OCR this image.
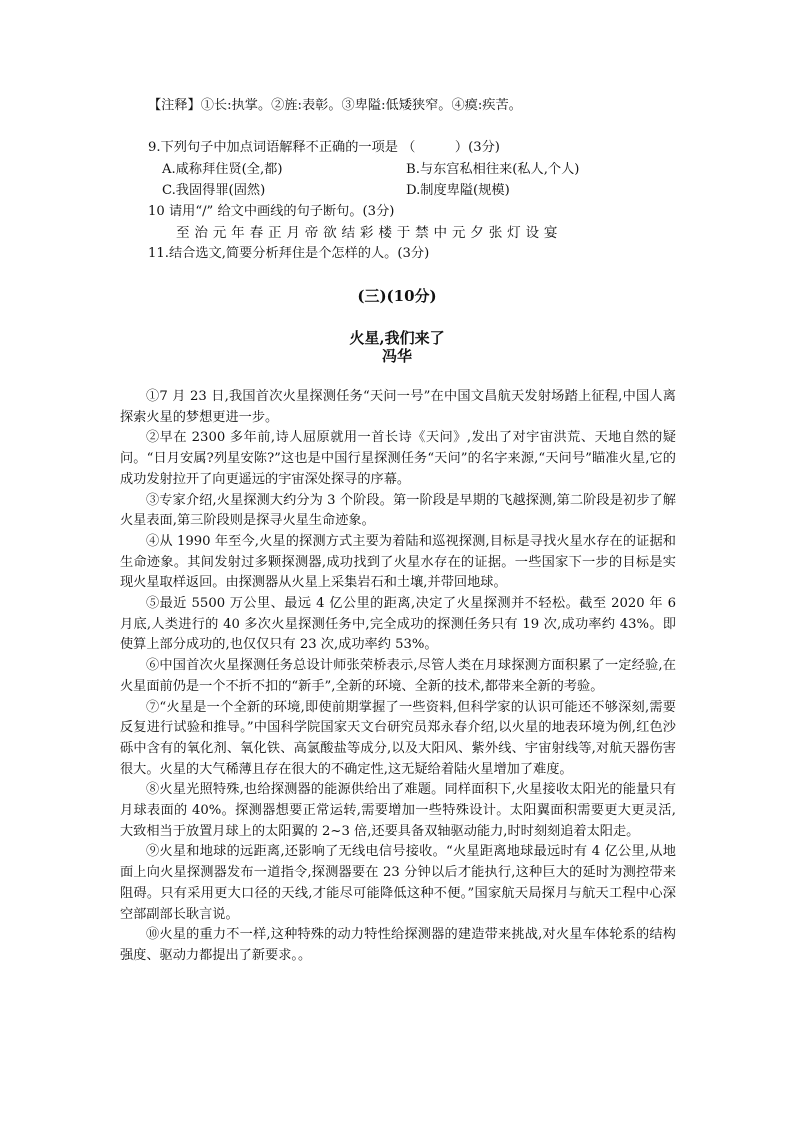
【注释】①长:执掌。②旌:表彰。③卑隘:低矮狭窄。④瘼:疾苦。
9.下列句子中加点词语解释不正确的一项是 （　　　）(3分)
A.咸称拜住贤(全,都)	B.与东宫私相往来(私人,个人)
C.我固得罪(固然)	D.制度卑隘(规模)
10 请用“/” 给文中画线的句子断句。(3分)
至治元年春正月帝欲结彩楼于禁中元夕张灯设宴
11.结合选文,简要分析拜住是个怎样的人。(3分)
(三)(10分)
火星,我们来了
冯华

①7 月 23 日,我国首次火星探测任务“天问一号”在中国文昌航天发射场踏上征程,中国人离探索火星的梦想更进一步。

②早在 2300 多年前,诗人屈原就用一首长诗《天问》,发出了对宇宙洪荒、天地自然的疑问。“日月安属?列星安陈?”这也是中国行星探测任务“天问”的名字来源,“天问号”瞄准火星,它的成功发射拉开了向更遥远的宇宙深处探寻的序幕。

③专家介绍,火星探测大约分为 3 个阶段。第一阶段是早期的飞越探测,第二阶段是初步了解火星表面,第三阶段则是探寻火星生命迹象。

④从 1990 年至今,火星的探测方式主要为着陆和巡视探测,目标是寻找火星水存在的证据和生命迹象。其间发射过多颗探测器,成功找到了火星水存在的证据。一些国家下一步的目标是实现火星取样返回。由探测器从火星上采集岩石和土壤,并带回地球。

⑤最近 5500 万公里、最远 4 亿公里的距离,决定了火星探测并不轻松。截至 2020 年 6 月底,人类进行的 40 多次火星探测任务中,完全成功的探测任务只有 19 次,成功率约 43%。即使算上部分成功的,也仅仅只有 23 次,成功率约 53%。

⑥中国首次火星探测任务总设计师张荣桥表示,尽管人类在月球探测方面积累了一定经验,在火星面前仍是一个不折不扣的“新手”,全新的环境、全新的技术,都带来全新的考验。

⑦“火星是一个全新的环境,即使前期掌握了一些资料,但科学家的认识可能还不够深刻,需要反复进行试验和推导。”中国科学院国家天文台研究员郑永春介绍,以火星的地表环境为例,红色沙砾中含有的氧化剂、氧化铁、高氯酸盐等成分,以及大阳风、紫外线、宇宙射线等,对航天器伤害很大。火星的大气稀薄且存在很大的不确定性,这无疑给着陆火星增加了难度。

⑧火星光照特殊,也给探测器的能源供给出了难题。同样面积下,火星接收太阳光的能量只有月球表面的 40%。探测器想要正常运转,需要增加一些特殊设计。太阳翼面积需要更大更灵活,大致相当于放置月球上的太阳翼的 2~3 倍,还要具备双轴驱动能力,时时刻刻追着太阳走。

⑨火星和地球的远距离,还影响了无线电信号接收。“火星距离地球最远时有 4 亿公里,从地面上向火星探测器发布一道指令,探测器要在 23 分钟以后才能执行,这种巨大的延时为测控带来阻碍。只有采用更大口径的天线,才能尽可能降低这种不便。”国家航天局探月与航天工程中心深空部副部长耿言说。

⑩火星的重力不一样,这种特殊的动力特性给探测器的建造带来挑战,对火星车体轮系的结构强度、驱动力都提出了新要求。。
